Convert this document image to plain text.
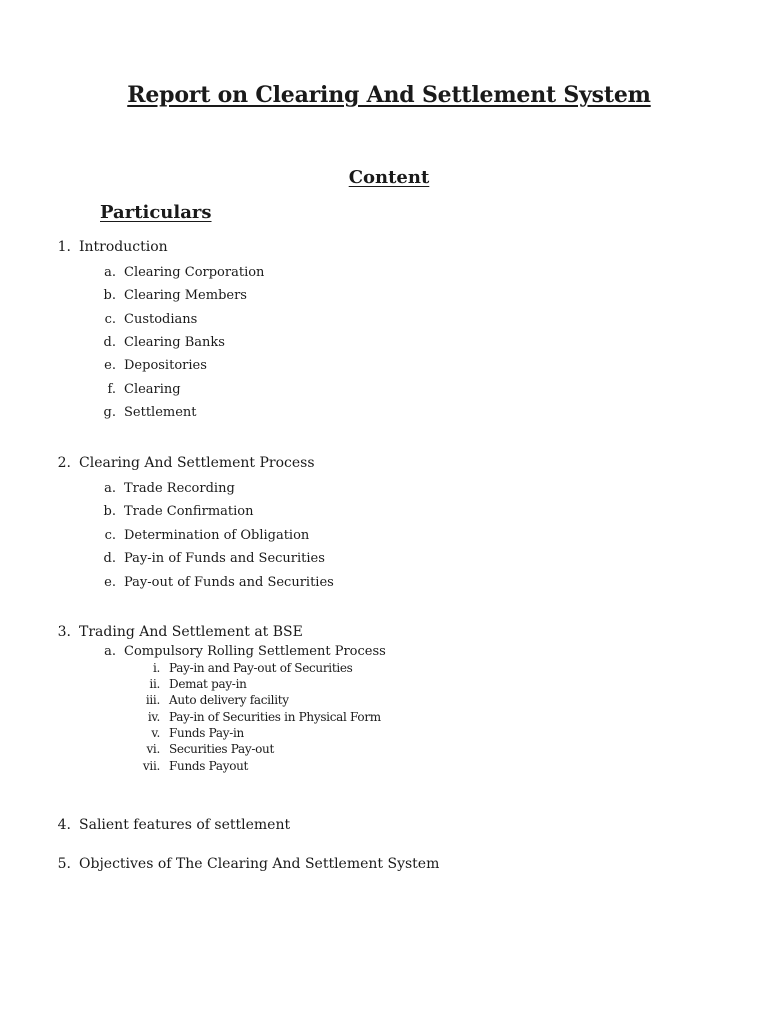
Report on Clearing And Settlement System
Content
Particulars
1. Introduction
a. Clearing Corporation
b. Clearing Members
c. Custodians
d. Clearing Banks
e. Depositories
f. Clearing
g. Settlement
2. Clearing And Settlement Process
a. Trade Recording
b. Trade Confirmation
c. Determination of Obligation
d. Pay-in of Funds and Securities
e. Pay-out of Funds and Securities
3. Trading And Settlement at BSE
a. Compulsory Rolling Settlement Process
i. Pay-in and Pay-out of Securities
ii. Demat pay-in
iii. Auto delivery facility
iv. Pay-in of Securities in Physical Form
v. Funds Pay-in
vi. Securities Pay-out
vii. Funds Payout
4. Salient features of settlement
5. Objectives of The Clearing And Settlement System
